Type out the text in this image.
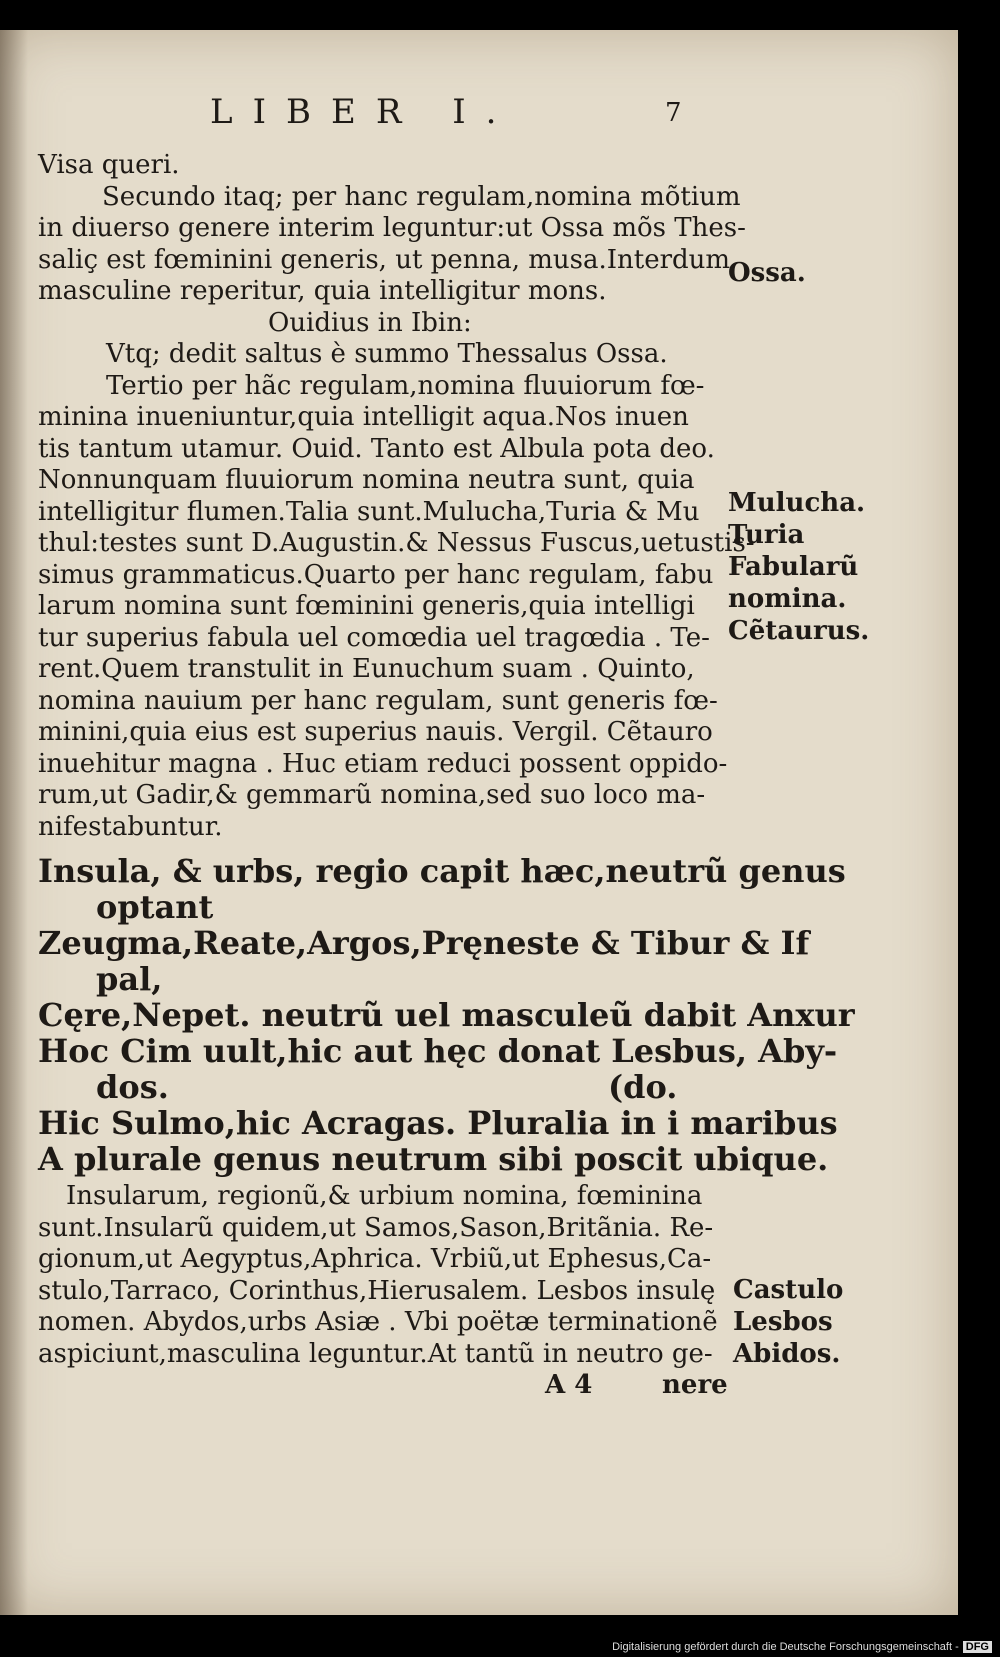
LIBER I.	7
Visa queri.
Secundo itaq; per hanc regulam,nomina mõtium
in diuerso genere interim leguntur:ut Ossa mõs Thes-
saliç est fœminini generis, ut penna, musa.Interdum
masculine reperitur, quia intelligitur mons.
Ouidius in Ibin:
Vtq; dedit saltus è summo Thessalus Ossa.
Tertio per hãc regulam,nomina fluuiorum fœ-
minina inueniuntur,quia intelligit aqua.Nos inuen
tis tantum utamur. Ouid. Tanto est Albula pota deo.
Nonnunquam fluuiorum nomina neutra sunt, quia
intelligitur flumen.Talia sunt.Mulucha,Turia & Mu
thul:testes sunt D.Augustin.& Nessus Fuscus,uetustis-
simus grammaticus.Quarto per hanc regulam, fabu
larum nomina sunt fœminini generis,quia intelligi
tur superius fabula uel comœdia uel tragœdia . Te-
rent.Quem transtulit in Eunuchum suam . Quinto,
nomina nauium per hanc regulam, sunt generis fœ-
minini,quia eius est superius nauis. Vergil. Cẽtauro
inuehitur magna . Huc etiam reduci possent oppido-
rum,ut Gadir,& gemmarũ nomina,sed suo loco ma-
nifestabuntur.
Insula, & urbs, regio capit hæc,neutrũ genus
optant
Zeugma,Reate,Argos,Pręneste & Tibur & If
pal,
Cęre,Nepet. neutrũ uel masculeũ dabit Anxur
Hoc Cim uult,hic aut hęc donat Lesbus, Aby-
dos.	(do.
Hic Sulmo,hic Acragas. Pluralia in i maribus
A plurale genus neutrum sibi poscit ubique.
Insularum, regionũ,& urbium nomina, fœminina
sunt.Insularũ quidem,ut Samos,Sason,Britãnia. Re-
gionum,ut Aegyptus,Aphrica. Vrbiũ,ut Ephesus,Ca-
stulo,Tarraco, Corinthus,Hierusalem. Lesbos insulę
nomen. Abydos,urbs Asiæ . Vbi poëtæ terminationẽ
aspiciunt,masculina leguntur.At tantũ in neutro ge-
A 4	nere
Ossa.
Mulucha.
Turia
Fabularũ
nomina.
Cẽtaurus.
Castulo
Lesbos
Abidos.
Digitalisierung gefördert durch die Deutsche Forschungsgemeinschaft - DFG
